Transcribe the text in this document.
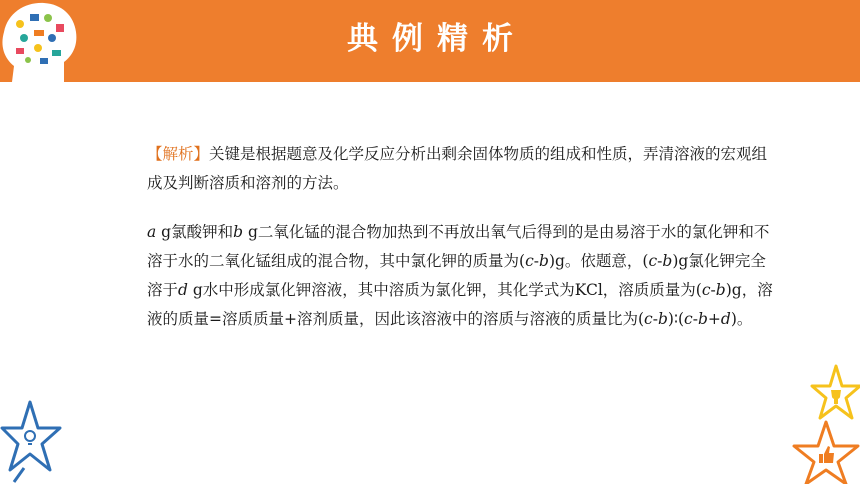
典例精析

【解析】关键是根据题意及化学反应分析出剩余固体物质的组成和性质，弄清溶液的宏观组成及判断溶质和溶剂的方法。

a g氯酸钾和b g二氧化锰的混合物加热到不再放出氧气后得到的是由易溶于水的氯化钾和不溶于水的二氧化锰组成的混合物，其中氯化钾的质量为(c-b)g。依题意，(c-b)g氯化钾完全溶于d g水中形成氯化钾溶液，其中溶质为氯化钾，其化学式为KCl，溶质质量为(c-b)g，溶液的质量=溶质质量+溶剂质量，因此该溶液中的溶质与溶液的质量比为(c-b)∶(c-b+d)。
